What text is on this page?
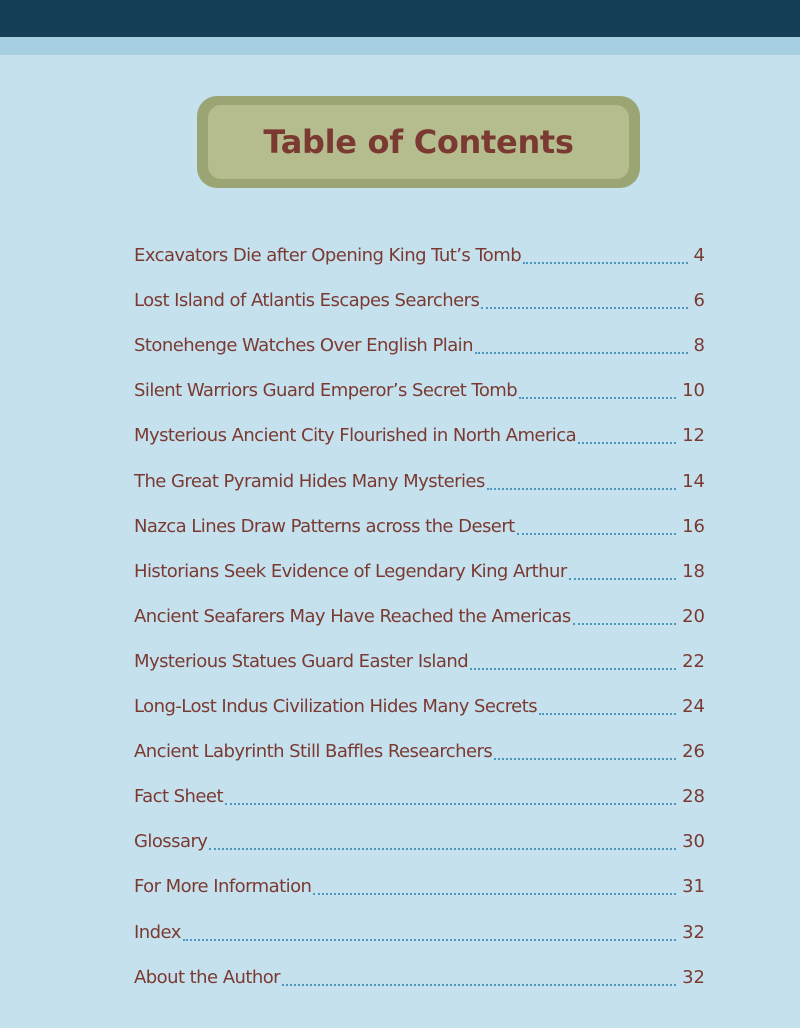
Table of Contents
Excavators Die after Opening King Tut’s Tomb	4
Lost Island of Atlantis Escapes Searchers	6
Stonehenge Watches Over English Plain	8
Silent Warriors Guard Emperor’s Secret Tomb	10
Mysterious Ancient City Flourished in North America	12
The Great Pyramid Hides Many Mysteries	14
Nazca Lines Draw Patterns across the Desert	16
Historians Seek Evidence of Legendary King Arthur	18
Ancient Seafarers May Have Reached the Americas	20
Mysterious Statues Guard Easter Island	22
Long-Lost Indus Civilization Hides Many Secrets	24
Ancient Labyrinth Still Baffles Researchers	26
Fact Sheet	28
Glossary	30
For More Information	31
Index	32
About the Author	32
